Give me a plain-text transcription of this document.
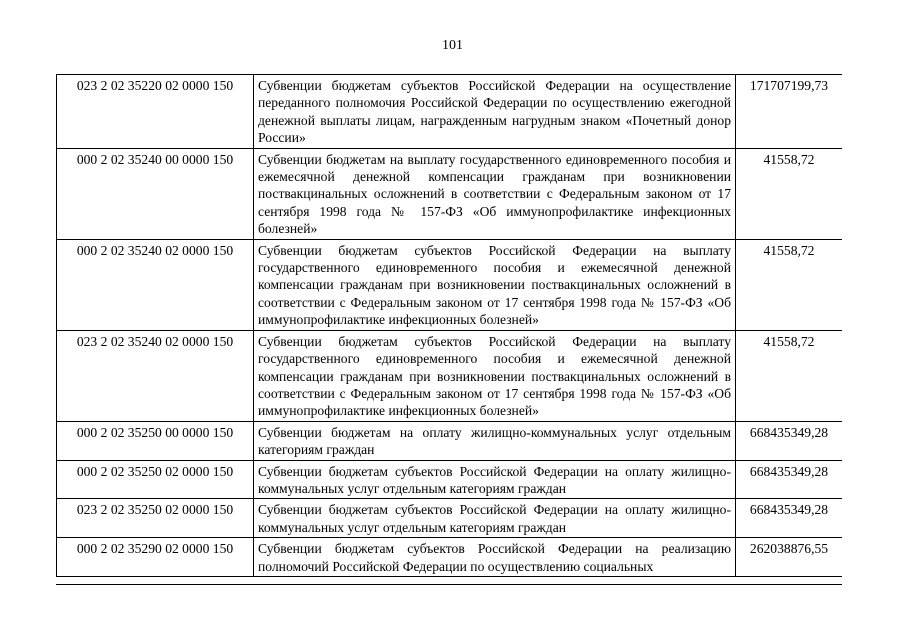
101
023 2 02 35220 02 0000 150	Субвенции бюджетам субъектов Российской Федерации на осуществление переданного полномочия Российской Федерации по осуществлению ежегодной денежной выплаты лицам, награжденным нагрудным знаком «Почетный донор России»	171707199,73
000 2 02 35240 00 0000 150	Субвенции бюджетам на выплату государственного единовременного пособия и ежемесячной денежной компенсации гражданам при возникновении поствакцинальных осложнений в соответствии с Федеральным законом от 17 сентября 1998 года № 157-ФЗ «Об иммунопрофилактике инфекционных болезней»	41558,72
000 2 02 35240 02 0000 150	Субвенции бюджетам субъектов Российской Федерации на выплату государственного единовременного пособия и ежемесячной денежной компенсации гражданам при возникновении поствакцинальных осложнений в соответствии с Федеральным законом от 17 сентября 1998 года № 157-ФЗ «Об иммунопрофилактике инфекционных болезней»	41558,72
023 2 02 35240 02 0000 150	Субвенции бюджетам субъектов Российской Федерации на выплату государственного единовременного пособия и ежемесячной денежной компенсации гражданам при возникновении поствакцинальных осложнений в соответствии с Федеральным законом от 17 сентября 1998 года № 157-ФЗ «Об иммунопрофилактике инфекционных болезней»	41558,72
000 2 02 35250 00 0000 150	Субвенции бюджетам на оплату жилищно-коммунальных услуг отдельным категориям граждан	668435349,28
000 2 02 35250 02 0000 150	Субвенции бюджетам субъектов Российской Федерации на оплату жилищно-коммунальных услуг отдельным категориям граждан	668435349,28
023 2 02 35250 02 0000 150	Субвенции бюджетам субъектов Российской Федерации на оплату жилищно-коммунальных услуг отдельным категориям граждан	668435349,28
000 2 02 35290 02 0000 150	Субвенции бюджетам субъектов Российской Федерации на реализацию полномочий Российской Федерации по осуществлению социальных	262038876,55
